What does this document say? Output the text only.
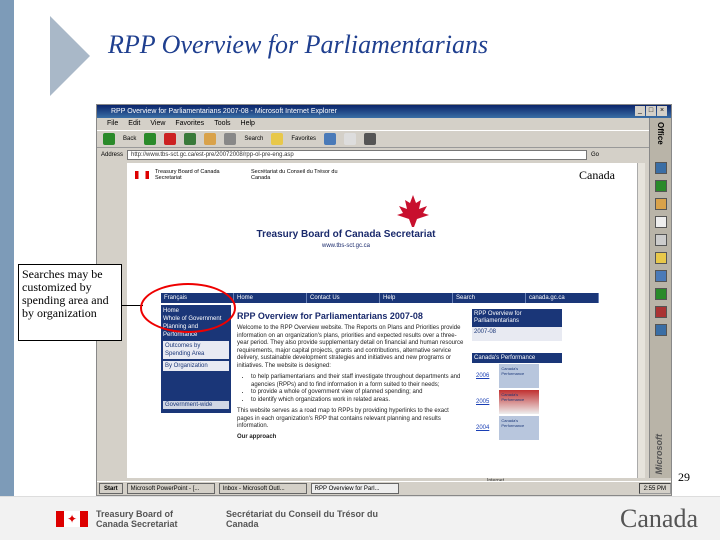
RPP Overview for Parliamentarians
RPP Overview for Parliamentarians 2007-08 - Microsoft Internet Explorer	_ □ ×
File Edit View Favorites Tools Help
Back	Search	Favorites
Address	http://www.tbs-sct.gc.ca/est-pre/20072008/rpp-ol-pre-eng.asp	Go
Treasury Board of Canada Secretariat
Secrétariat du Conseil du Trésor du Canada	Canada
Treasury Board of Canada Secretariat
www.tbs-sct.gc.ca
Français	Home	Contact Us	Help	Search	canada.gc.ca
Home
Whole of Government
Planning and Performance
Outcomes by Spending Area
By Organization
Government-wide
RPP Overview for Parliamentarians 2007-08

Welcome to the RPP Overview website. The Reports on Plans and Priorities provide information on an organization's plans, priorities and expected results over a three-year period. They also provide supplementary detail on financial and human resource requirements, major capital projects, grants and contributions, alternative service delivery, sustainable development strategies and initiatives and new programs or initiatives. The website is designed:

• to help parliamentarians and their staff investigate throughout departments and agencies (RPPs) and to find information in a form suited to their needs;
• to provide a whole of government view of planned spending; and
• to identify which organizations work in related areas.

This website serves as a road map to RPPs by providing hyperlinks to the exact pages in each organization's RPP that contains relevant planning and results information.

Our approach

RPP Overview for Parliamentarians
2007-08
Canada's Performance
2006
Canada's Performance
2005
Canada's Performance
2004
Canada's Performance
Office
Microsoft
Start	Microsoft PowerPoint - [...	Inbox - Microsoft Outl...	RPP Overview for Parl...	2:55 PM
Searches may be customized by spending area and by organization
29
✦
Treasury Board of Canada Secretariat
Secrétariat du Conseil du Trésor du Canada	Canada
